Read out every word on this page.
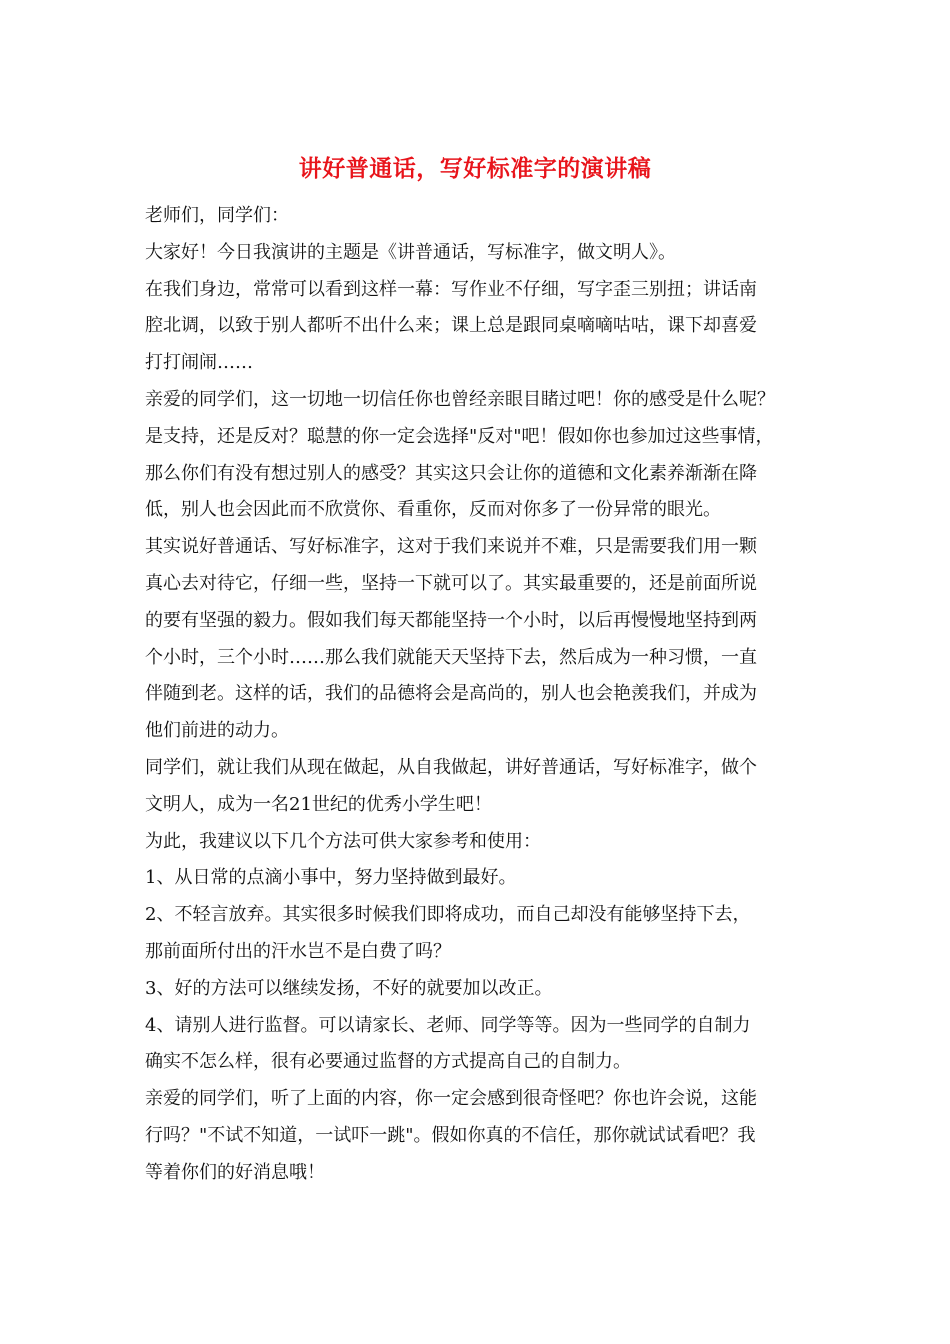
讲好普通话，写好标准字的演讲稿
老师们，同学们：
大家好！今日我演讲的主题是《讲普通话，写标准字，做文明人》。
在我们身边，常常可以看到这样一幕：写作业不仔细，写字歪三别扭；讲话南
腔北调，以致于别人都听不出什么来；课上总是跟同桌嘀嘀咕咕，课下却喜爱
打打闹闹……
亲爱的同学们，这一切地一切信任你也曾经亲眼目睹过吧！你的感受是什么呢？
是支持，还是反对？聪慧的你一定会选择"反对"吧！假如你也参加过这些事情，
那么你们有没有想过别人的感受？其实这只会让你的道德和文化素养渐渐在降
低，别人也会因此而不欣赏你、看重你，反而对你多了一份异常的眼光。
其实说好普通话、写好标准字，这对于我们来说并不难，只是需要我们用一颗
真心去对待它，仔细一些，坚持一下就可以了。其实最重要的，还是前面所说
的要有坚强的毅力。假如我们每天都能坚持一个小时，以后再慢慢地坚持到两
个小时，三个小时……那么我们就能天天坚持下去，然后成为一种习惯，一直
伴随到老。这样的话，我们的品德将会是高尚的，别人也会艳羡我们，并成为
他们前进的动力。
同学们，就让我们从现在做起，从自我做起，讲好普通话，写好标准字，做个
文明人，成为一名21世纪的优秀小学生吧！
为此，我建议以下几个方法可供大家参考和使用：
1、从日常的点滴小事中，努力坚持做到最好。
2、不轻言放弃。其实很多时候我们即将成功，而自己却没有能够坚持下去，
那前面所付出的汗水岂不是白费了吗？
3、好的方法可以继续发扬，不好的就要加以改正。
4、请别人进行监督。可以请家长、老师、同学等等。因为一些同学的自制力
确实不怎么样，很有必要通过监督的方式提高自己的自制力。
亲爱的同学们，听了上面的内容，你一定会感到很奇怪吧？你也许会说，这能
行吗？"不试不知道，一试吓一跳"。假如你真的不信任，那你就试试看吧？我
等着你们的好消息哦！
